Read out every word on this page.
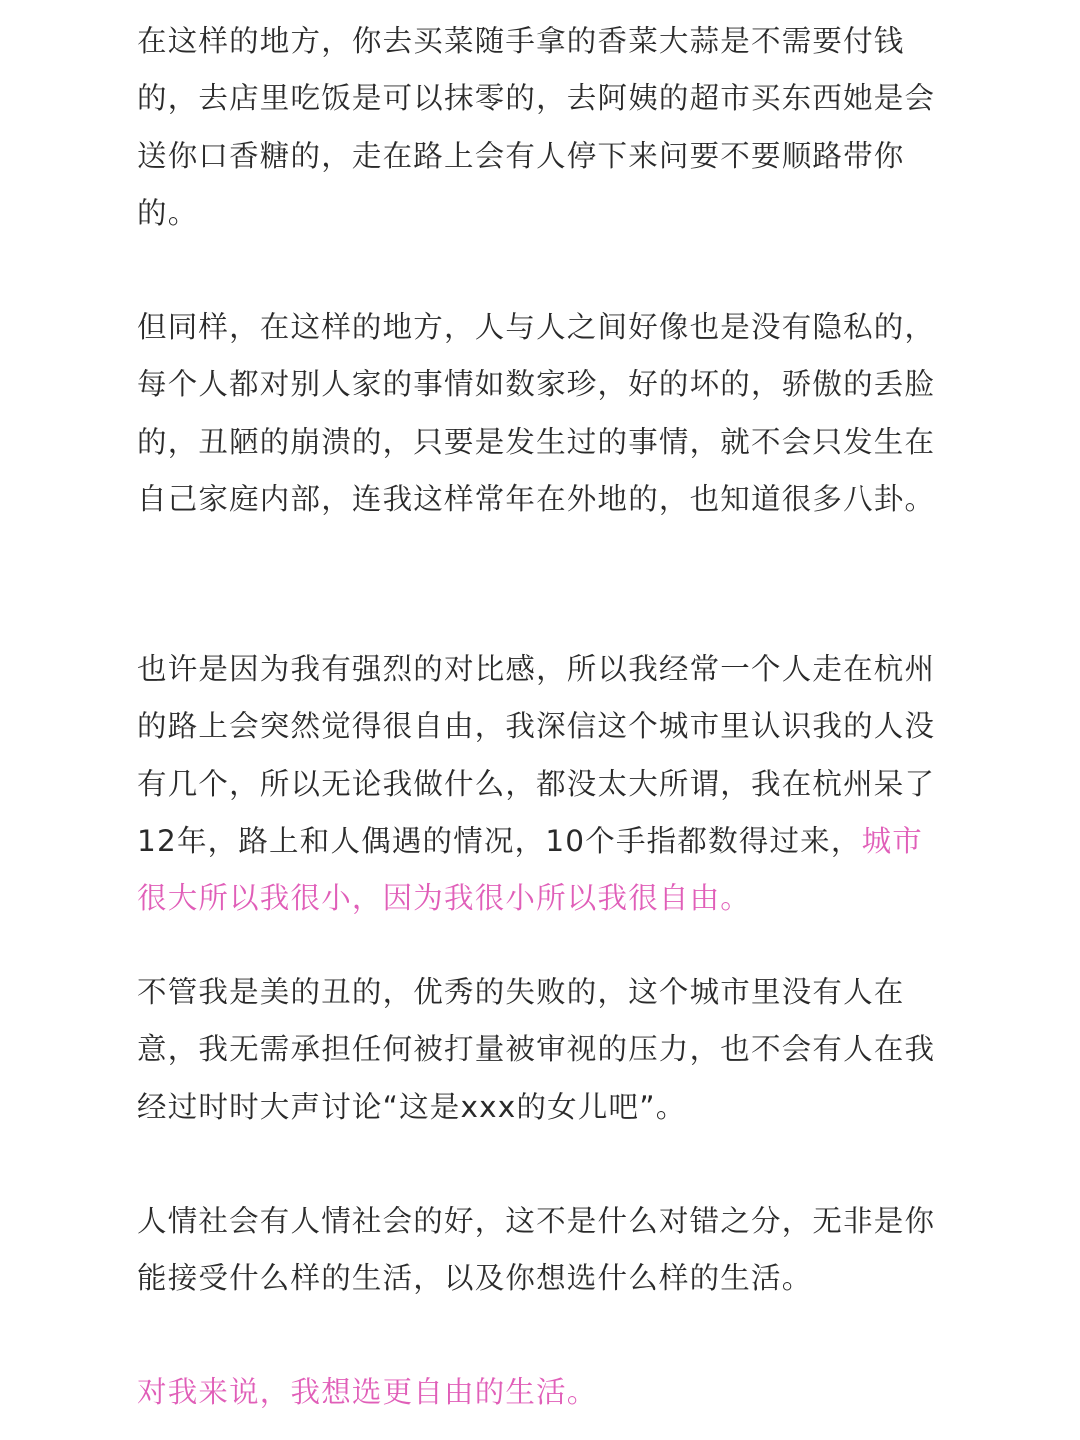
在这样的地方，你去买菜随手拿的香菜大蒜是不需要付钱的，去店里吃饭是可以抹零的，去阿姨的超市买东西她是会送你口香糖的，走在路上会有人停下来问要不要顺路带你的。

但同样，在这样的地方，人与人之间好像也是没有隐私的，每个人都对别人家的事情如数家珍，好的坏的，骄傲的丢脸的，丑陋的崩溃的，只要是发生过的事情，就不会只发生在自己家庭内部，连我这样常年在外地的，也知道很多八卦。

也许是因为我有强烈的对比感，所以我经常一个人走在杭州的路上会突然觉得很自由，我深信这个城市里认识我的人没有几个，所以无论我做什么，都没太大所谓，我在杭州呆了12年，路上和人偶遇的情况，10个手指都数得过来，城市很大所以我很小，因为我很小所以我很自由。

不管我是美的丑的，优秀的失败的，这个城市里没有人在意，我无需承担任何被打量被审视的压力，也不会有人在我经过时时大声讨论“这是xxx的女儿吧”。

人情社会有人情社会的好，这不是什么对错之分，无非是你能接受什么样的生活，以及你想选什么样的生活。

对我来说，我想选更自由的生活。
